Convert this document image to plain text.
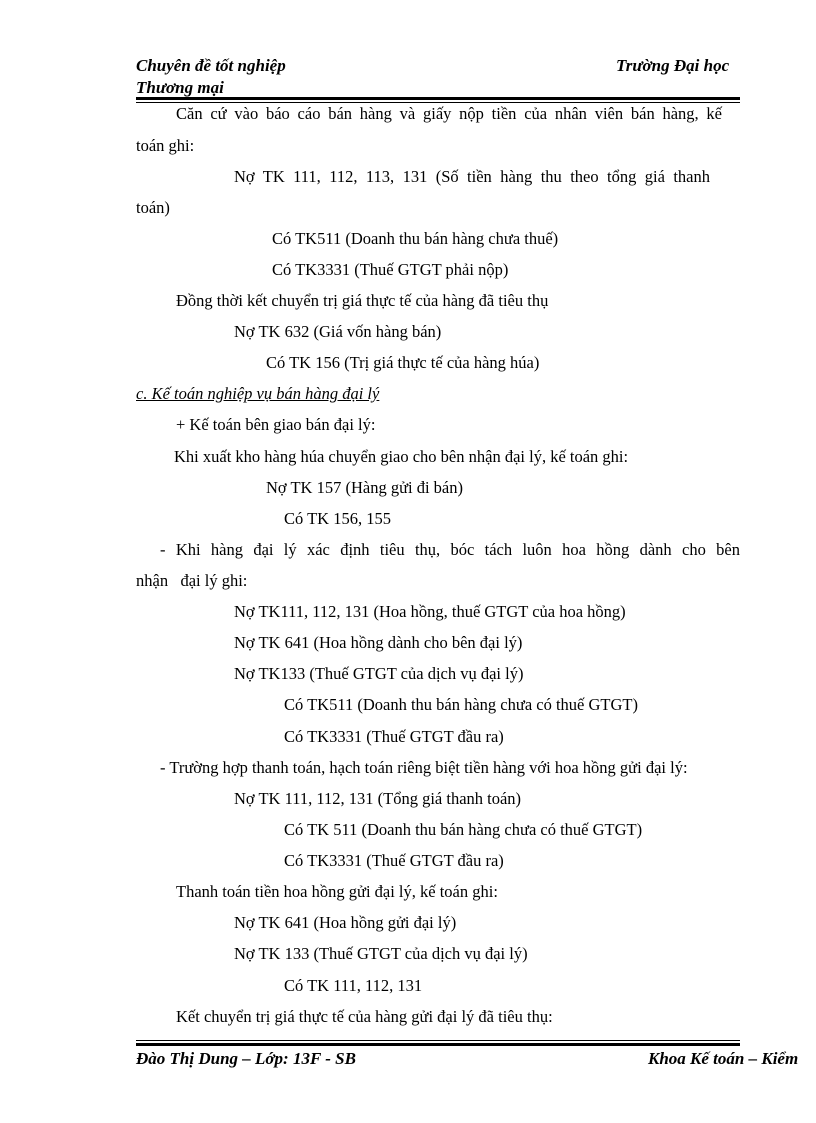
Chuyên đề tốt nghiệp	Trường Đại học
Thương mại
Căn cứ vào báo cáo bán hàng và giấy nộp tiền của nhân viên bán hàng, kế
toán ghi:
Nợ TK 111, 112, 113, 131 (Số tiền hàng thu theo tổng giá thanh
toán)
Có TK511 (Doanh thu bán hàng chưa thuế)
Có TK3331 (Thuế GTGT phải nộp)
Đồng thời kết chuyển trị giá thực tế của hàng đã tiêu thụ
Nợ TK 632 (Giá vốn hàng bán)
Có TK 156 (Trị giá thực tế của hàng húa)
c. Kế toán nghiệp vụ bán hàng đại lý
+ Kế toán bên giao bán đại lý:
Khi xuất kho hàng húa chuyển giao cho bên nhận đại lý, kế toán ghi:
Nợ TK 157 (Hàng gửi đi bán)
Có TK 156, 155
- Khi hàng đại lý xác định tiêu thụ, bóc tách luôn hoa hồng dành cho bên
nhận   đại lý ghi:
Nợ TK111, 112, 131 (Hoa hồng, thuế GTGT của hoa hồng)
Nợ TK 641 (Hoa hồng dành cho bên đại lý)
Nợ TK133 (Thuế GTGT của dịch vụ đại lý)
Có TK511 (Doanh thu bán hàng chưa có thuế GTGT)
Có TK3331 (Thuế GTGT đầu ra)
- Trường hợp thanh toán, hạch toán riêng biệt tiền hàng với hoa hồng gửi đại lý:
Nợ TK 111, 112, 131 (Tổng giá thanh toán)
Có TK 511 (Doanh thu bán hàng chưa có thuế GTGT)
Có TK3331 (Thuế GTGT đầu ra)
Thanh toán tiền hoa hồng gửi đại lý, kế toán ghi:
Nợ TK 641 (Hoa hồng gửi đại lý)
Nợ TK 133 (Thuế GTGT của dịch vụ đại lý)
Có TK 111, 112, 131
Kết chuyển trị giá thực tế của hàng gửi đại lý đã tiêu thụ:
Đào Thị Dung – Lớp: 13F - SB	Khoa Kế toán – Kiểm
